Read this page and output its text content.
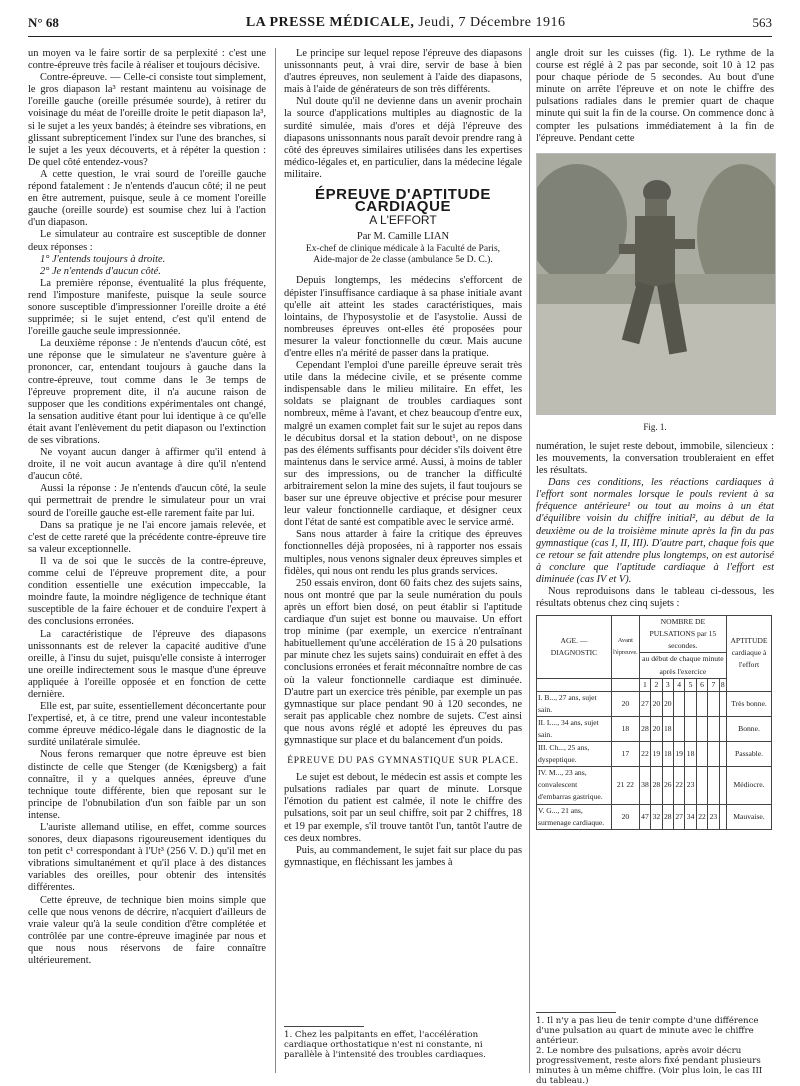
N° 68	LA PRESSE MÉDICALE, Jeudi, 7 Décembre 1916	563

un moyen va le faire sortir de sa perplexité : c'est une contre-épreuve très facile à réaliser et toujours décisive.

Contre-épreuve. — Celle-ci consiste tout simplement, le gros diapason la³ restant maintenu au voisinage de l'oreille gauche (oreille présumée sourde), à retirer du voisinage du méat de l'oreille droite le petit diapason la³, si le sujet a les yeux bandés; à éteindre ses vibrations, en glissant subrepticement l'index sur l'une des branches, si le sujet a les yeux découverts, et à répéter la question : De quel côté entendez-vous?

A cette question, le vrai sourd de l'oreille gauche répond fatalement : Je n'entends d'aucun côté; il ne peut en être autrement, puisque, seule à ce moment l'oreille gauche (oreille sourde) est soumise chez lui à l'action d'un diapason.

Le simulateur au contraire est susceptible de donner deux réponses :

1° J'entends toujours à droite.

2° Je n'entends d'aucun côté.

La première réponse, éventualité la plus fréquente, rend l'imposture manifeste, puisque la seule source sonore susceptible d'impressionner l'oreille droite a été supprimée; si le sujet entend, c'est qu'il entend de l'oreille gauche seule impressionnée.

La deuxième réponse : Je n'entends d'aucun côté, est une réponse que le simulateur ne s'aventure guère à prononcer, car, entendant toujours à gauche dans la contre-épreuve, tout comme dans le 3e temps de l'épreuve proprement dite, il n'a aucune raison de supposer que les conditions expérimentales ont changé, la sensation auditive étant pour lui identique à ce qu'elle était avant l'enlèvement du petit diapason ou l'extinction de ses vibrations.

Ne voyant aucun danger à affirmer qu'il entend à droite, il ne voit aucun avantage à dire qu'il n'entend d'aucun côté.

Aussi la réponse : Je n'entends d'aucun côté, la seule qui permettrait de prendre le simulateur pour un vrai sourd de l'oreille gauche est-elle rarement faite par lui.

Dans sa pratique je ne l'ai encore jamais relevée, et c'est de cette rareté que la précédente contre-épreuve tire sa valeur exceptionnelle.

Il va de soi que le succès de la contre-épreuve, comme celui de l'épreuve proprement dite, a pour condition essentielle une exécution impeccable, la moindre faute, la moindre négligence de technique étant susceptible de la faire échouer et de conduire l'expert à des conclusions erronées.

La caractéristique de l'épreuve des diapasons unissonnants est de relever la capacité auditive d'une oreille, à l'insu du sujet, puisqu'elle consiste à interroger une oreille indirectement sous le masque d'une épreuve appliquée à l'oreille opposée et en fonction de cette dernière.

Elle est, par suite, essentiellement déconcertante pour l'expertisé, et, à ce titre, prend une valeur incontestable comme épreuve médico-légale dans le diagnostic de la surdité unilatérale simulée.

Nous ferons remarquer que notre épreuve est bien distincte de celle que Stenger (de Kœnigsberg) a fait connaître, il y a quelques années, épreuve d'une technique toute différente, bien que reposant sur le principe de l'obnubilation d'un son faible par un son intense.

L'auriste allemand utilise, en effet, comme sources sonores, deux diapasons rigoureusement identiques du ton petit c¹ correspondant à l'Ut³ (256 V. D.) qu'il met en vibrations simultanément et qu'il place à des distances variables des oreilles, pour obtenir des intensités différentes.

Cette épreuve, de technique bien moins simple que celle que nous venons de décrire, n'acquiert d'ailleurs de vraie valeur qu'à la seule condition d'être complétée et contrôlée par une contre-épreuve imaginée par nous et que nous nous réservons de faire connaître ultérieurement.

Le principe sur lequel repose l'épreuve des diapasons unissonnants peut, à vrai dire, servir de base à bien d'autres épreuves, non seulement à l'aide des diapasons, mais à l'aide de générateurs de son très différents.

Nul doute qu'il ne devienne dans un avenir prochain la source d'applications multiples au diagnostic de la surdité simulée, mais d'ores et déjà l'épreuve des diapasons unissonnants nous paraît devoir prendre rang à côté des épreuves similaires utilisées dans les expertises médico-légales et, en particulier, dans la médecine légale militaire.

ÉPREUVE D'APTITUDE CARDIAQUE
A L'EFFORT
Par M. Camille LIAN
Ex-chef de clinique médicale à la Faculté de Paris,
Aide-major de 2e classe (ambulance 5e D. C.).

Depuis longtemps, les médecins s'efforcent de dépister l'insuffisance cardiaque à sa phase initiale avant qu'elle ait atteint les stades caractéristiques, mais lointains, de l'hyposystolie et de l'asystolie. Aussi de nombreuses épreuves ont-elles été proposées pour mesurer la valeur fonctionnelle du cœur. Mais aucune d'entre elles n'a mérité de passer dans la pratique.

Cependant l'emploi d'une pareille épreuve serait très utile dans la médecine civile, et se présente comme indispensable dans le milieu militaire. En effet, les soldats se plaignant de troubles cardiaques sont nombreux, même à l'avant, et chez beaucoup d'entre eux, malgré un examen complet fait sur le sujet au repos dans le décubitus dorsal et la station debout¹, on ne dispose pas des éléments suffisants pour décider s'ils doivent être maintenus dans le service armé. Aussi, à moins de tabler sur des impressions, ou de trancher la difficulté arbitrairement selon la mine des sujets, il faut toujours se baser sur une épreuve objective et précise pour mesurer leur valeur fonctionnelle cardiaque, et désigner ceux dont l'état de santé est compatible avec le service armé.

Sans nous attarder à faire la critique des épreuves fonctionnelles déjà proposées, ni à rapporter nos essais multiples, nous venons signaler deux épreuves simples et fidèles, qui nous ont rendu les plus grands services.

250 essais environ, dont 60 faits chez des sujets sains, nous ont montré que par la seule numération du pouls après un effort bien dosé, on peut établir si l'aptitude cardiaque d'un sujet est bonne ou mauvaise. Un effort trop minime (par exemple, un exercice n'entraînant habituellement qu'une accélération de 15 à 20 pulsations par minute chez les sujets sains) conduirait en effet à des conclusions erronées et ferait méconnaître nombre de cas où la valeur fonctionnelle cardiaque est diminuée. D'autre part un exercice très pénible, par exemple un pas gymnastique sur place pendant 90 à 120 secondes, ne serait pas applicable chez nombre de sujets. C'est ainsi que nous avons réglé et adopté les épreuves du pas gymnastique sur place et du balancement d'un poids.

ÉPREUVE DU PAS GYMNASTIQUE SUR PLACE.

Le sujet est debout, le médecin est assis et compte les pulsations radiales par quart de minute. Lorsque l'émotion du patient est calmée, il note le chiffre des pulsations, soit par un seul chiffre, soit par 2 chiffres, 18 et 19 par exemple, s'il trouve tantôt l'un, tantôt l'autre de ces deux nombres.

Puis, au commandement, le sujet fait sur place du pas gymnastique, en fléchissant les jambes à

1. Chez les palpitants en effet, l'accélération cardiaque orthostatique n'est ni constante, ni parallèle à l'intensité des troubles cardiaques.

angle droit sur les cuisses (fig. 1). Le rythme de la course est réglé à 2 pas par seconde, soit 10 à 12 pas pour chaque période de 5 secondes. Au bout d'une minute on arrête l'épreuve et on note le chiffre des pulsations radiales dans le premier quart de chaque minute qui suit la fin de la course. On commence donc à compter les pulsations immédiatement à la fin de l'épreuve. Pendant cette

Fig. 1.

numération, le sujet reste debout, immobile, silencieux : les mouvements, la conversation troubleraient en effet les résultats.

Dans ces conditions, les réactions cardiaques à l'effort sont normales lorsque le pouls revient à sa fréquence antérieure¹ ou tout au moins à un état d'équilibre voisin du chiffre initial², au début de la deuxième ou de la troisième minute après la fin du pas gymnastique (cas I, II, III). D'autre part, chaque fois que ce retour se fait attendre plus longtemps, on est autorisé à conclure que l'aptitude cardiaque à l'effort est diminuée (cas IV et V).

Nous reproduisons dans le tableau ci-dessous, les résultats obtenus chez cinq sujets :

AGE. — DIAGNOSTIC	Avant l'épreuve.	NOMBRE DE PULSATIONS par 15 secondes.								APTITUDE cardiaque à l'effort
		au début de chaque minute après l'exercice								
		1	2	3	4	5	6	7	8	
I. B..., 27 ans, sujet sain.	20	27	20	20						Très bonne.
II. L..., 34 ans, sujet sain.	18	28	20	18						Bonne.
III. Ch..., 25 ans, dyspeptique.	17	22	19	18	19	18				Passable.
IV. M..., 23 ans, convalescent d'embarras gastrique.	21 22	38	28	26	22	23				Médiocre.
V. G..., 21 ans, surmenage cardiaque.	20	47	32	28	27	34	22	23		Mauvaise.
1. Il n'y a pas lieu de tenir compte d'une différence d'une pulsation au quart de minute avec le chiffre antérieur.
2. Le nombre des pulsations, après avoir décru progressivement, reste alors fixé pendant plusieurs minutes à un même chiffre. (Voir plus loin, le cas III du tableau.)
